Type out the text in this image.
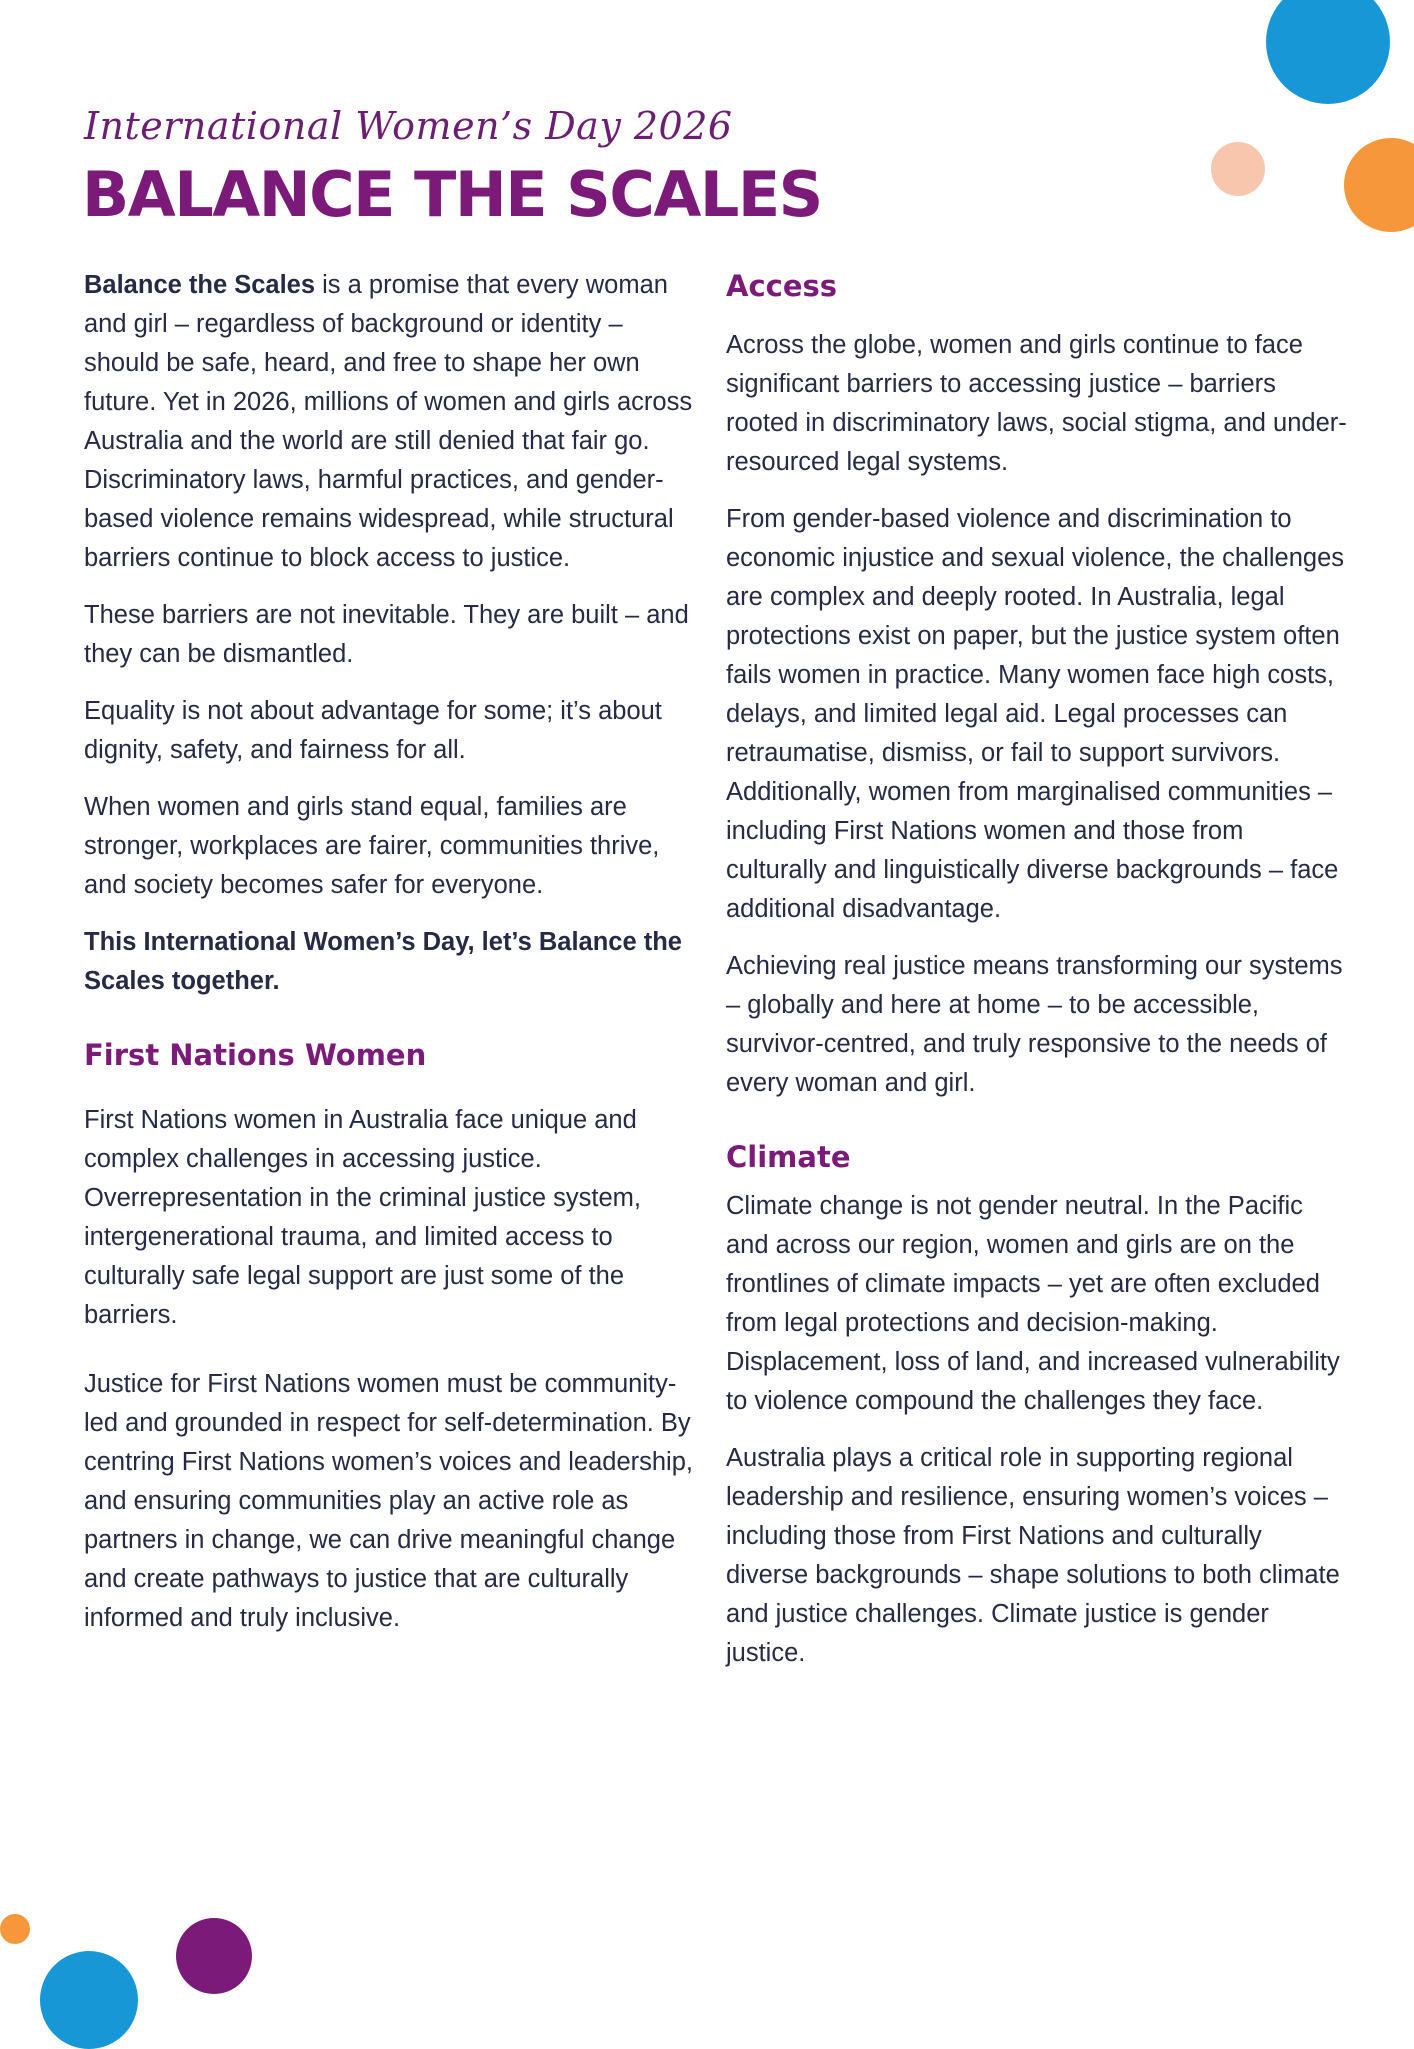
International Women’s Day 2026
BALANCE THE SCALES

Balance the Scales is a promise that every woman and girl – regardless of background or identity – should be safe, heard, and free to shape her own future. Yet in 2026, millions of women and girls across Australia and the world are still denied that fair go. Discriminatory laws, harmful practices, and gender-based violence remains widespread, while structural barriers continue to block access to justice.

These barriers are not inevitable. They are built – and they can be dismantled.

Equality is not about advantage for some; it’s about dignity, safety, and fairness for all.

When women and girls stand equal, families are stronger, workplaces are fairer, communities thrive, and society becomes safer for everyone.

This International Women’s Day, let’s Balance the Scales together.

First Nations Women

First Nations women in Australia face unique and complex challenges in accessing justice. Overrepresentation in the criminal justice system, intergenerational trauma, and limited access to culturally safe legal support are just some of the barriers.

Justice for First Nations women must be community-led and grounded in respect for self-determination. By centring First Nations women’s voices and leadership, and ensuring communities play an active role as partners in change, we can drive meaningful change and create pathways to justice that are culturally informed and truly inclusive.

Access

Across the globe, women and girls continue to face significant barriers to accessing justice – barriers rooted in discriminatory laws, social stigma, and under-resourced legal systems.

From gender-based violence and discrimination to economic injustice and sexual violence, the challenges are complex and deeply rooted. In Australia, legal protections exist on paper, but the justice system often fails women in practice. Many women face high costs, delays, and limited legal aid. Legal processes can retraumatise, dismiss, or fail to support survivors. Additionally, women from marginalised communities – including First Nations women and those from culturally and linguistically diverse backgrounds – face additional disadvantage.

Achieving real justice means transforming our systems – globally and here at home – to be accessible, survivor-centred, and truly responsive to the needs of every woman and girl.

Climate

Climate change is not gender neutral. In the Pacific and across our region, women and girls are on the frontlines of climate impacts – yet are often excluded from legal protections and decision-making. Displacement, loss of land, and increased vulnerability to violence compound the challenges they face.

Australia plays a critical role in supporting regional leadership and resilience, ensuring women’s voices – including those from First Nations and culturally diverse backgrounds – shape solutions to both climate and justice challenges. Climate justice is gender justice.
